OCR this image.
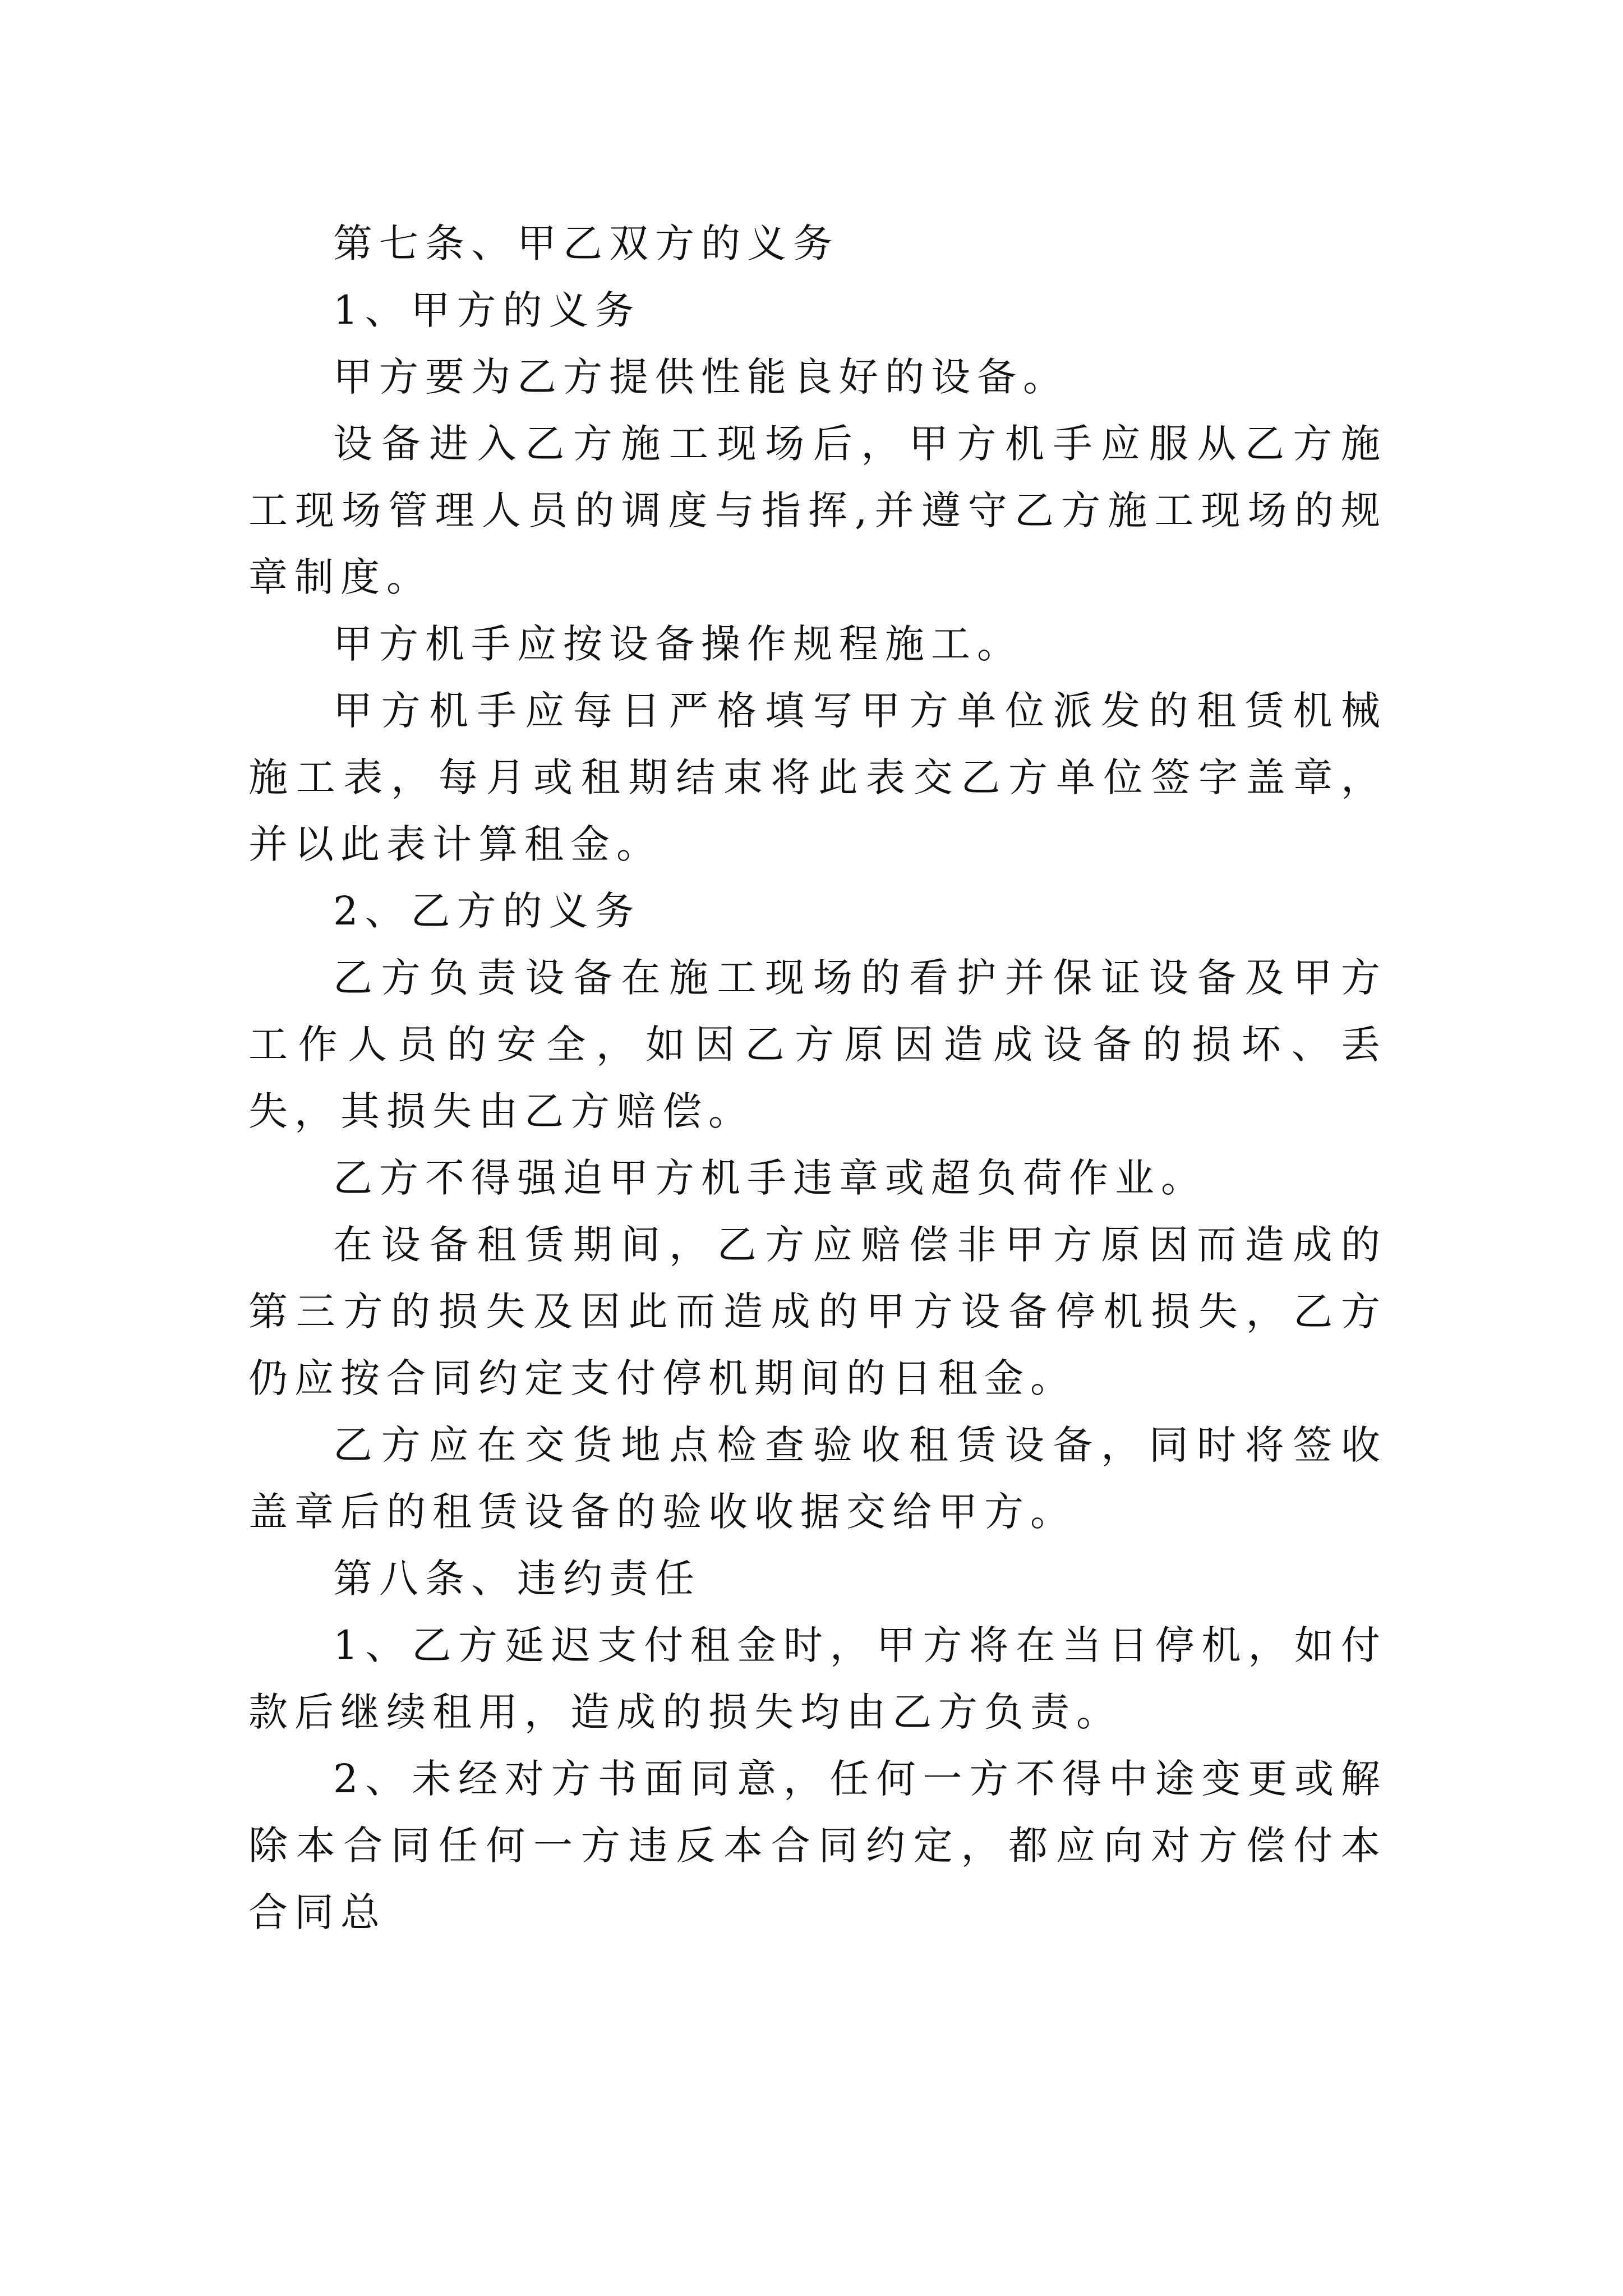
第七条、甲乙双方的义务

1、甲方的义务

甲方要为乙方提供性能良好的设备。

设备进入乙方施工现场后，甲方机手应服从乙方施工现场管理人员的调度与指挥,并遵守乙方施工现场的规章制度。

甲方机手应按设备操作规程施工。

甲方机手应每日严格填写甲方单位派发的租赁机械施工表，每月或租期结束将此表交乙方单位签字盖章，并以此表计算租金。

2、乙方的义务

乙方负责设备在施工现场的看护并保证设备及甲方工作人员的安全，如因乙方原因造成设备的损坏、丢失，其损失由乙方赔偿。

乙方不得强迫甲方机手违章或超负荷作业。

在设备租赁期间，乙方应赔偿非甲方原因而造成的第三方的损失及因此而造成的甲方设备停机损失，乙方仍应按合同约定支付停机期间的日租金。

乙方应在交货地点检查验收租赁设备，同时将签收盖章后的租赁设备的验收收据交给甲方。

第八条、违约责任

1、乙方延迟支付租金时，甲方将在当日停机，如付款后继续租用，造成的损失均由乙方负责。

2、未经对方书面同意，任何一方不得中途变更或解除本合同任何一方违反本合同约定，都应向对方偿付本合同总
